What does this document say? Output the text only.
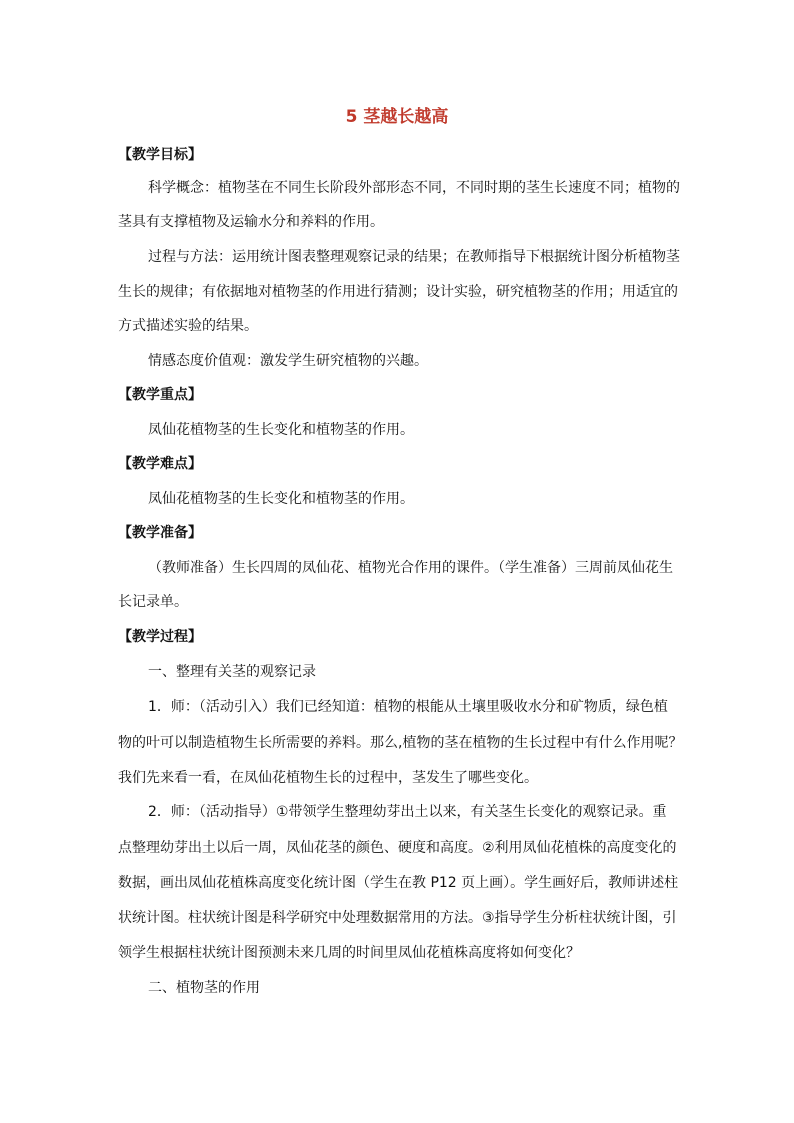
5 茎越长越高
【教学目标】
科学概念：植物茎在不同生长阶段外部形态不同，不同时期的茎生长速度不同；植物的
茎具有支撑植物及运输水分和养料的作用。
过程与方法：运用统计图表整理观察记录的结果；在教师指导下根据统计图分析植物茎
生长的规律；有依据地对植物茎的作用进行猜测；设计实验，研究植物茎的作用；用适宜的
方式描述实验的结果。
情感态度价值观：激发学生研究植物的兴趣。
【教学重点】
凤仙花植物茎的生长变化和植物茎的作用。
【教学难点】
凤仙花植物茎的生长变化和植物茎的作用。
【教学准备】
（教师准备）生长四周的凤仙花、植物光合作用的课件。（学生准备）三周前凤仙花生
长记录单。
【教学过程】
一、整理有关茎的观察记录
1．师：（活动引入）我们已经知道：植物的根能从土壤里吸收水分和矿物质，绿色植
物的叶可以制造植物生长所需要的养料。那么,植物的茎在植物的生长过程中有什么作用呢？
我们先来看一看，在凤仙花植物生长的过程中，茎发生了哪些变化。
2．师：（活动指导）①带领学生整理幼芽出土以来，有关茎生长变化的观察记录。重
点整理幼芽出土以后一周，凤仙花茎的颜色、硬度和高度。②利用凤仙花植株的高度变化的
数据，画出凤仙花植株高度变化统计图（学生在教 P12 页上画）。学生画好后，教师讲述柱
状统计图。柱状统计图是科学研究中处理数据常用的方法。③指导学生分析柱状统计图，引
领学生根据柱状统计图预测未来几周的时间里凤仙花植株高度将如何变化？
二、植物茎的作用
